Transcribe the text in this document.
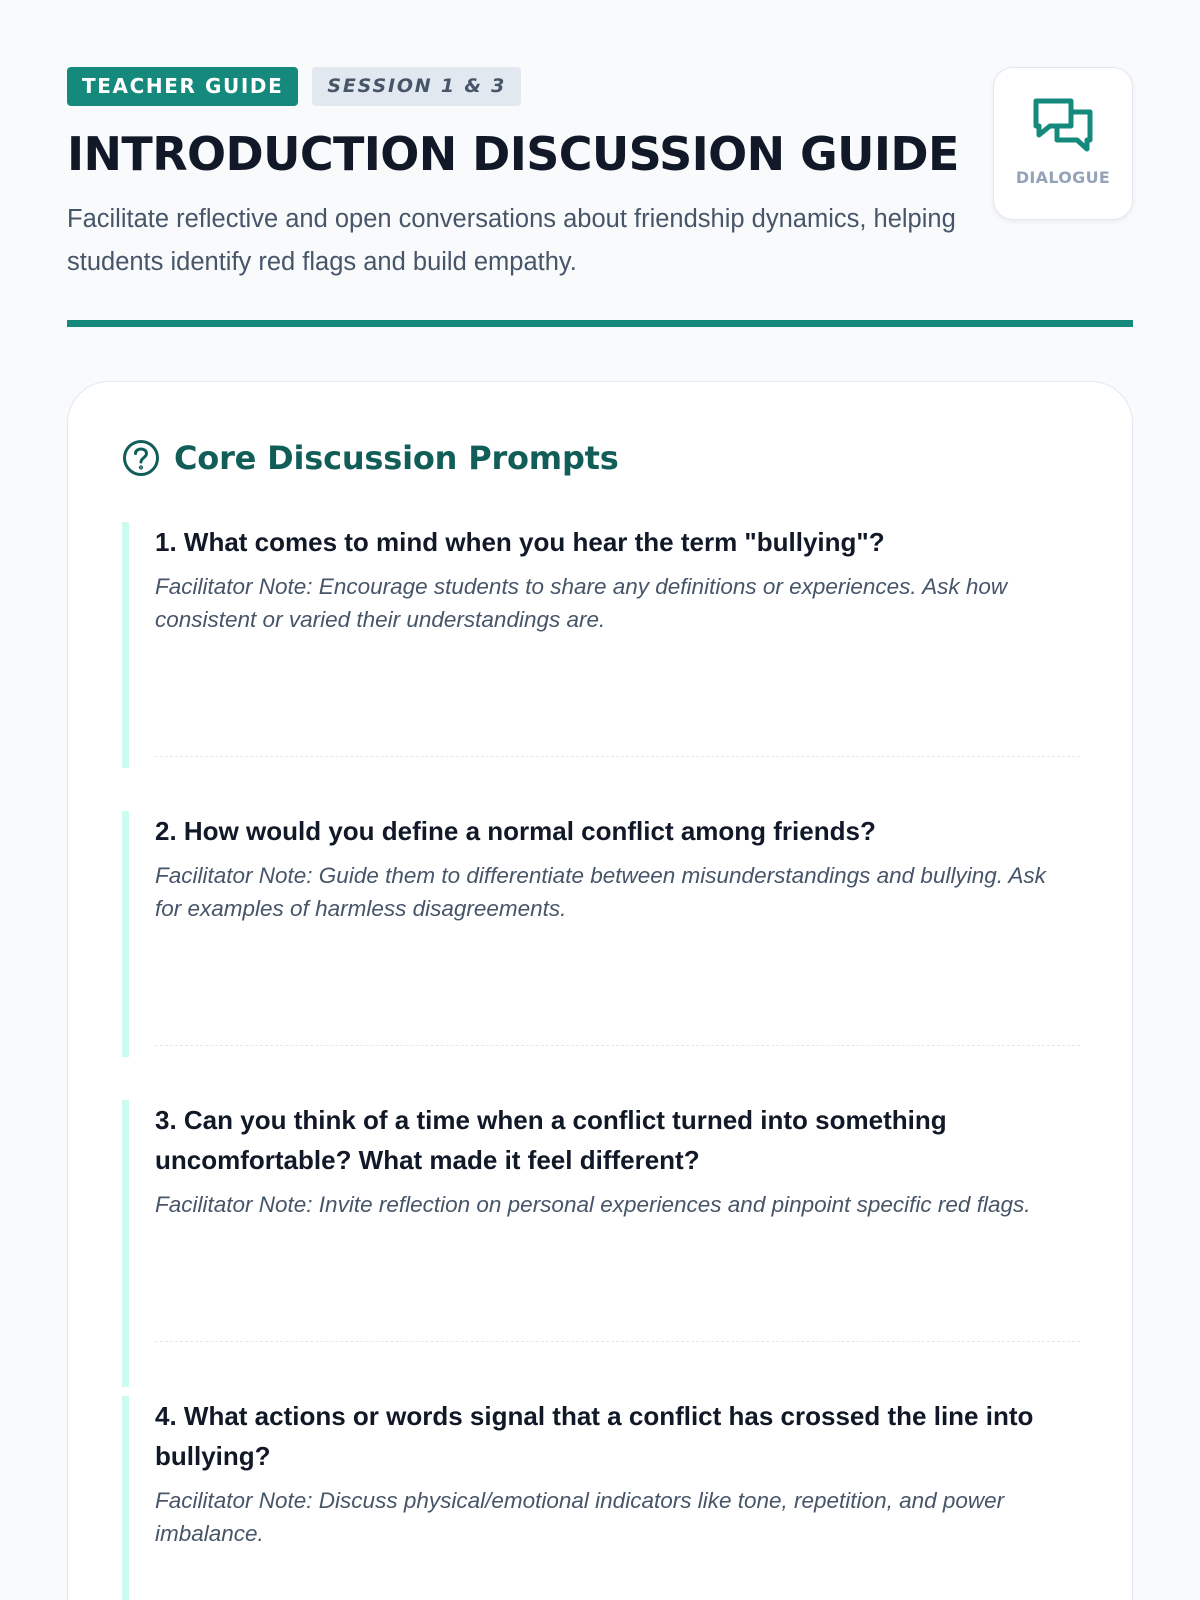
TEACHER GUIDE	SESSION 1 & 3
INTRODUCTION DISCUSSION GUIDE

Facilitate reflective and open conversations about friendship dynamics, helping students identify red flags and build empathy.

DIALOGUE
Core Discussion Prompts
1. What comes to mind when you hear the term "bullying"?
Facilitator Note: Encourage students to share any definitions or experiences. Ask how consistent or varied their understandings are.
2. How would you define a normal conflict among friends?
Facilitator Note: Guide them to differentiate between misunderstandings and bullying. Ask for examples of harmless disagreements.
3. Can you think of a time when a conflict turned into something uncomfortable? What made it feel different?
Facilitator Note: Invite reflection on personal experiences and pinpoint specific red flags.
4. What actions or words signal that a conflict has crossed the line into bullying?
Facilitator Note: Discuss physical/emotional indicators like tone, repetition, and power imbalance.
